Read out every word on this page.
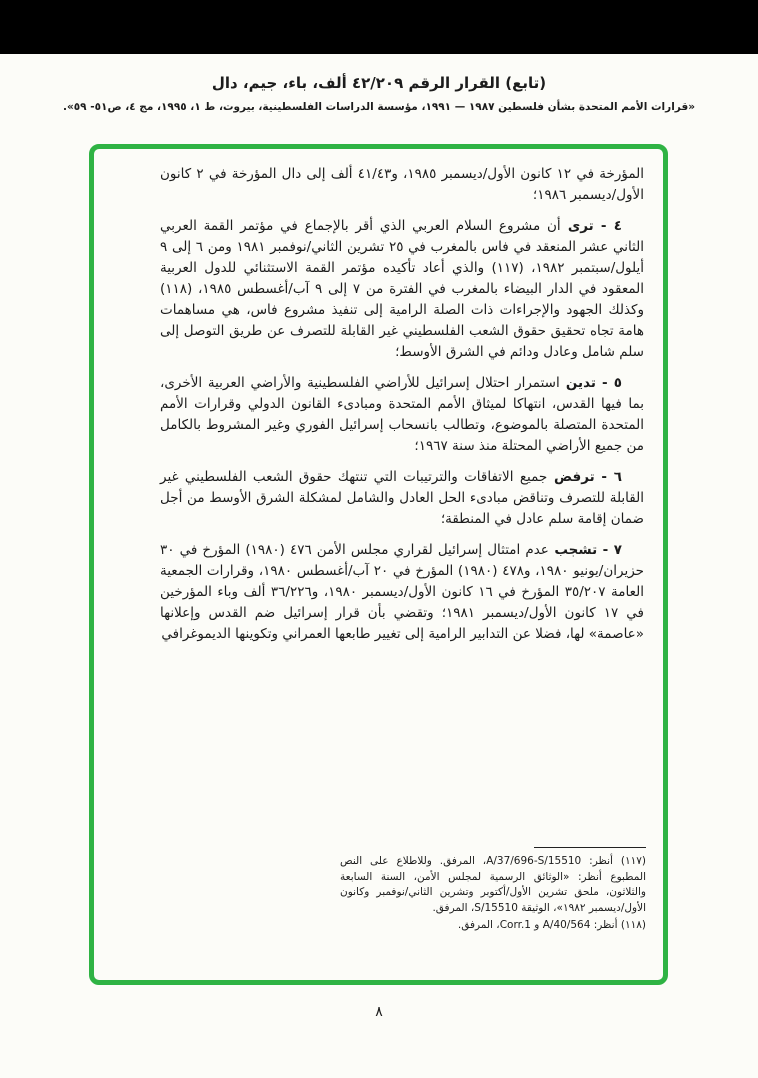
(تابع) القرار الرقم ٤٢/٢٠٩ ألف، باء، جيم، دال
«قرارات الأمم المتحدة بشأن فلسطين ١٩٨٧ — ١٩٩١، مؤسسة الدراسات الفلسطينية، بيروت، ط ١، ١٩٩٥، مج ٤، ص٥١- ٥٩».

المؤرخة في ١٢ كانون الأول/ديسمبر ١٩٨٥، و٤١/٤٣ ألف إلى دال المؤرخة في ٢ كانون الأول/ديسمبر ١٩٨٦؛

٤ - ترى أن مشروع السلام العربي الذي أقر بالإجماع في مؤتمر القمة العربي الثاني عشر المنعقد في فاس بالمغرب في ٢٥ تشرين الثاني/نوفمبر ١٩٨١ ومن ٦ إلى ٩ أيلول/سبتمبر ١٩٨٢، (١١٧) والذي أعاد تأكيده مؤتمر القمة الاستثنائي للدول العربية المعقود في الدار البيضاء بالمغرب في الفترة من ٧ إلى ٩ آب/أغسطس ١٩٨٥، (١١٨) وكذلك الجهود والإجراءات ذات الصلة الرامية إلى تنفيذ مشروع فاس، هي مساهمات هامة تجاه تحقيق حقوق الشعب الفلسطيني غير القابلة للتصرف عن طريق التوصل إلى سلم شامل وعادل ودائم في الشرق الأوسط؛

٥ - تدين استمرار احتلال إسرائيل للأراضي الفلسطينية والأراضي العربية الأخرى، بما فيها القدس، انتهاكا لميثاق الأمم المتحدة ومبادىء القانون الدولي وقرارات الأمم المتحدة المتصلة بالموضوع، وتطالب بانسحاب إسرائيل الفوري وغير المشروط بالكامل من جميع الأراضي المحتلة منذ سنة ١٩٦٧؛

٦ - ترفض جميع الاتفاقات والترتيبات التي تنتهك حقوق الشعب الفلسطيني غير القابلة للتصرف وتناقض مبادىء الحل العادل والشامل لمشكلة الشرق الأوسط من أجل ضمان إقامة سلم عادل في المنطقة؛

٧ - تشجب عدم امتثال إسرائيل لقراري مجلس الأمن ٤٧٦ (١٩٨٠) المؤرخ في ٣٠ حزيران/يونيو ١٩٨٠، و٤٧٨ (١٩٨٠) المؤرخ في ٢٠ آب/أغسطس ١٩٨٠، وقرارات الجمعية العامة ٣٥/٢٠٧ المؤرخ في ١٦ كانون الأول/ديسمبر ١٩٨٠، و٣٦/٢٢٦ ألف وباء المؤرخين في ١٧ كانون الأول/ديسمبر ١٩٨١؛ وتقضي بأن قرار إسرائيل ضم القدس وإعلانها «عاصمة» لها، فضلا عن التدابير الرامية إلى تغيير طابعها العمراني وتكوينها الديموغرافي

(١١٧) أنظر: A/37/696-S/15510، المرفق. وللاطلاع على النص المطبوع أنظر: «الوثائق الرسمية لمجلس الأمن، السنة السابعة والثلاثون، ملحق تشرين الأول/أكتوبر وتشرين الثاني/نوفمبر وكانون الأول/ديسمبر ١٩٨٢»، الوثيقة S/15510، المرفق.

(١١٨) أنظر: A/40/564 و Corr.1، المرفق.

٨
